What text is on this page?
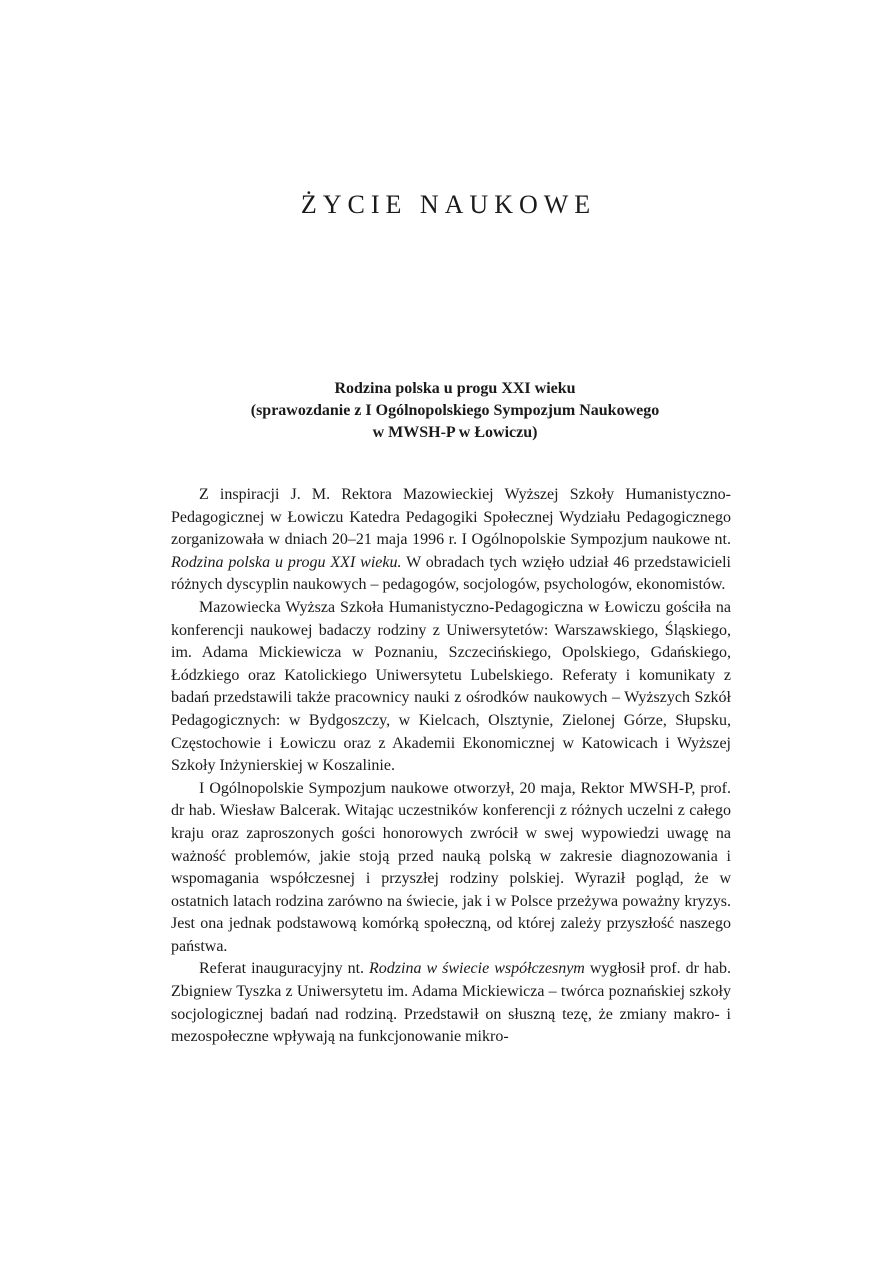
ŻYCIE NAUKOWE
Rodzina polska u progu XXI wieku
(sprawozdanie z I Ogólnopolskiego Sympozjum Naukowego
w MWSH-P w Łowiczu)

Z inspiracji J. M. Rektora Mazowieckiej Wyższej Szkoły Humanistyczno-Pedagogicznej w Łowiczu Katedra Pedagogiki Społecznej Wydziału Pedagogicznego zorganizowała w dniach 20–21 maja 1996 r. I Ogólnopolskie Sympozjum naukowe nt. Rodzina polska u progu XXI wieku. W obradach tych wzięło udział 46 przedstawicieli różnych dyscyplin naukowych – pedagogów, socjologów, psychologów, ekonomistów.

Mazowiecka Wyższa Szkoła Humanistyczno-Pedagogiczna w Łowiczu gościła na konferencji naukowej badaczy rodziny z Uniwersytetów: Warszawskiego, Śląskiego, im. Adama Mickiewicza w Poznaniu, Szczecińskiego, Opolskiego, Gdańskiego, Łódzkiego oraz Katolickiego Uniwersytetu Lubelskiego. Referaty i komunikaty z badań przedstawili także pracownicy nauki z ośrodków naukowych – Wyższych Szkół Pedagogicznych: w Bydgoszczy, w Kielcach, Olsztynie, Zielonej Górze, Słupsku, Częstochowie i Łowiczu oraz z Akademii Ekonomicznej w Katowicach i Wyższej Szkoły Inżynierskiej w Koszalinie.

I Ogólnopolskie Sympozjum naukowe otworzył, 20 maja, Rektor MWSH-P, prof. dr hab. Wiesław Balcerak. Witając uczestników konferencji z różnych uczelni z całego kraju oraz zaproszonych gości honorowych zwrócił w swej wypowiedzi uwagę na ważność problemów, jakie stoją przed nauką polską w zakresie diagnozowania i wspomagania współczesnej i przyszłej rodziny polskiej. Wyraził pogląd, że w ostatnich latach rodzina zarówno na świecie, jak i w Polsce przeżywa poważny kryzys. Jest ona jednak podstawową komórką społeczną, od której zależy przyszłość naszego państwa.

Referat inauguracyjny nt. Rodzina w świecie współczesnym wygłosił prof. dr hab. Zbigniew Tyszka z Uniwersytetu im. Adama Mickiewicza – twórca poznańskiej szkoły socjologicznej badań nad rodziną. Przedstawił on słuszną tezę, że zmiany makro- i mezospołeczne wpływają na funkcjonowanie mikro-
